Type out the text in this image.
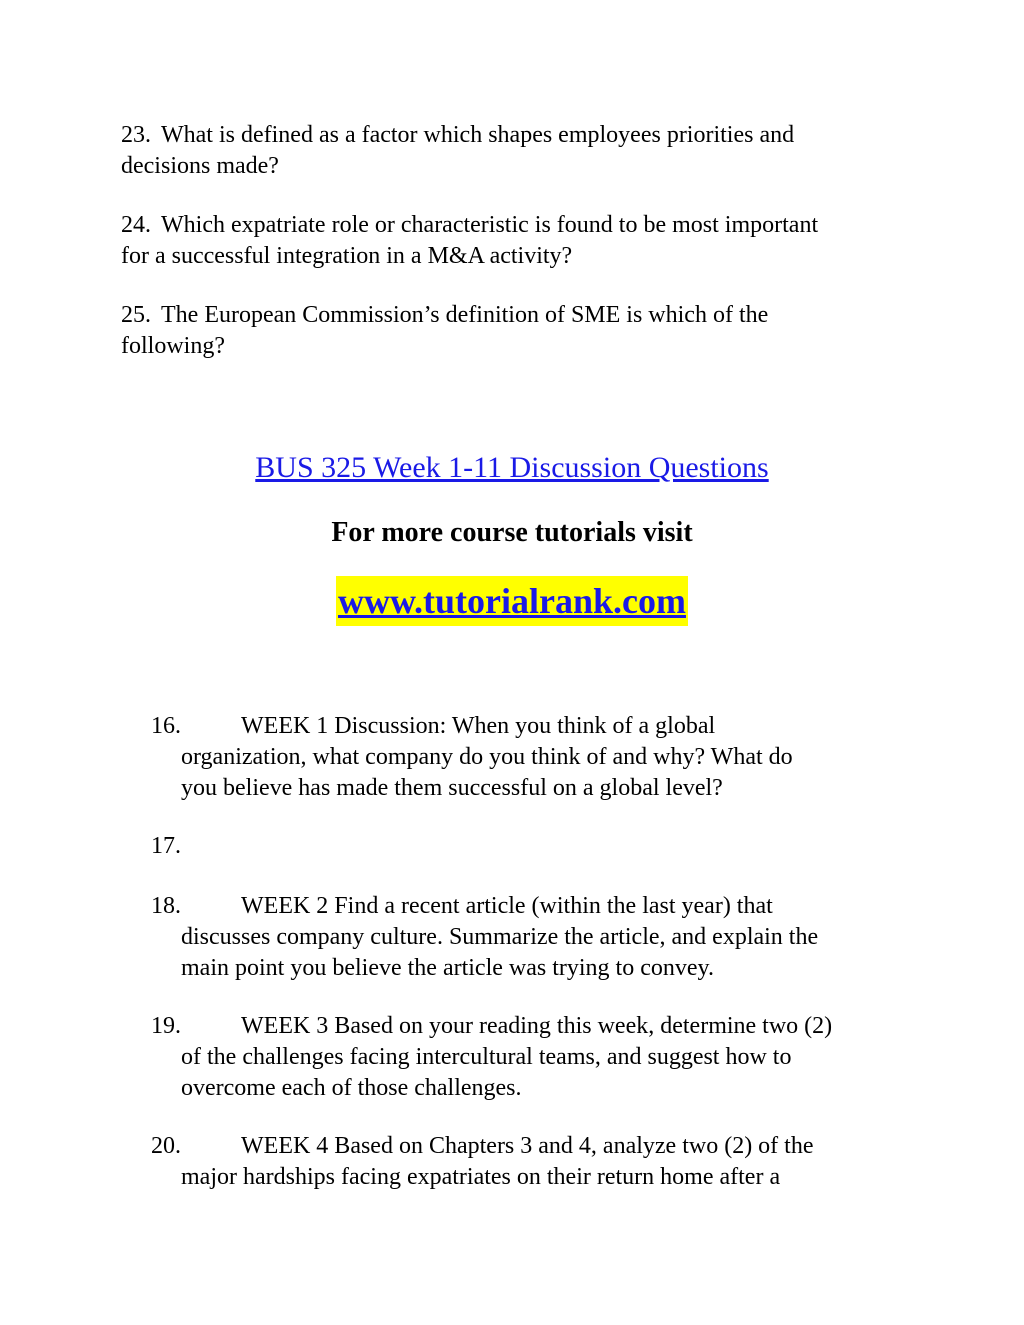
23. What is defined as a factor which shapes employees priorities and
decisions made?
24. Which expatriate role or characteristic is found to be most important
for a successful integration in a M&A activity?
25. The European Commission’s definition of SME is which of the
following?
BUS 325 Week 1-11 Discussion Questions
For more course tutorials visit
www.tutorialrank.com
16.	WEEK 1 Discussion: When you think of a global
organization, what company do you think of and why? What do
you believe has made them successful on a global level?
17.
18.	WEEK 2 Find a recent article (within the last year) that
discusses company culture. Summarize the article, and explain the
main point you believe the article was trying to convey.
19.	WEEK 3 Based on your reading this week, determine two (2)
of the challenges facing intercultural teams, and suggest how to
overcome each of those challenges.
20.	WEEK 4 Based on Chapters 3 and 4, analyze two (2) of the
major hardships facing expatriates on their return home after a
